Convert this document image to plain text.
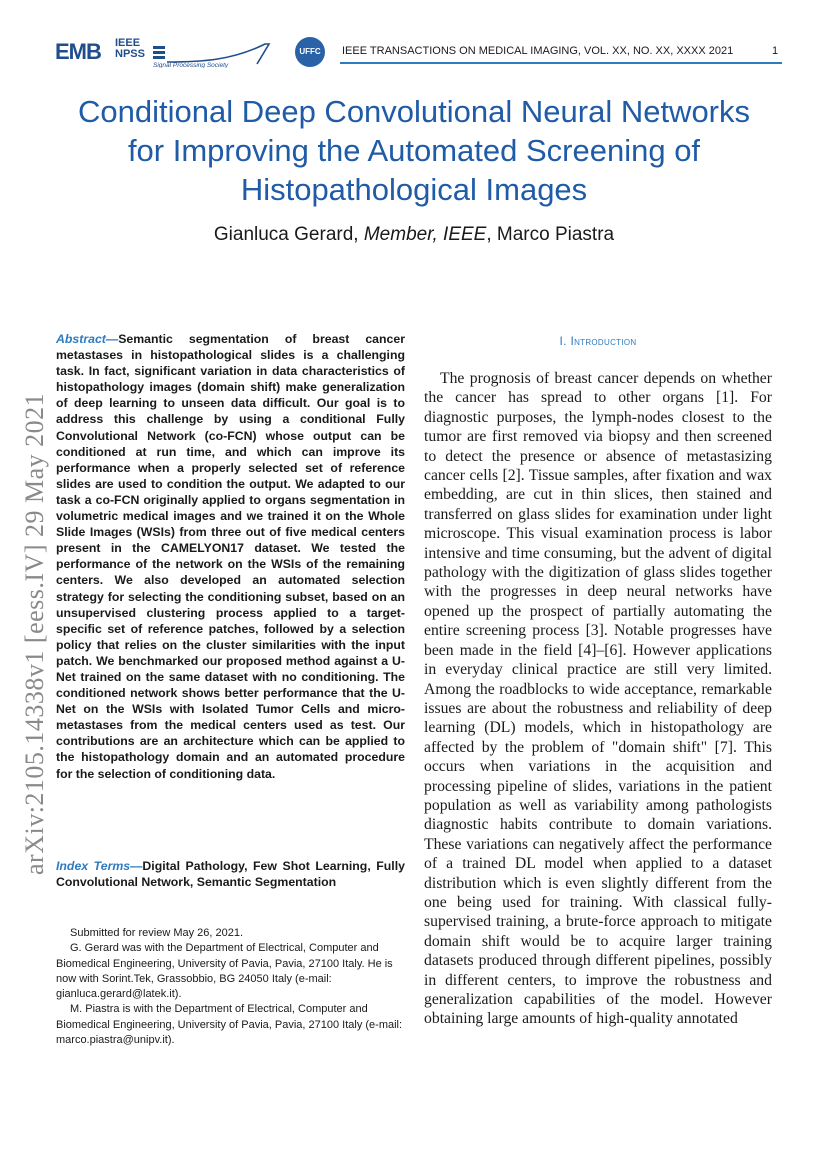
EMB IEEE
NPSS
Signal Processing Society
UFFC	IEEE TRANSACTIONS ON MEDICAL IMAGING, VOL. XX, NO. XX, XXXX 2021	1
Conditional Deep Convolutional Neural Networks for Improving the Automated Screening of Histopathological Images
Gianluca Gerard, Member, IEEE, Marco Piastra
arXiv:2105.14338v1 [eess.IV] 29 May 2021
Abstract—Semantic segmentation of breast cancer metastases in histopathological slides is a challenging task. In fact, significant variation in data characteristics of histopathology images (domain shift) make generalization of deep learning to unseen data difficult. Our goal is to address this challenge by using a conditional Fully Convolutional Network (co-FCN) whose output can be conditioned at run time, and which can improve its performance when a properly selected set of reference slides are used to condition the output. We adapted to our task a co-FCN originally applied to organs segmentation in volumetric medical images and we trained it on the Whole Slide Images (WSIs) from three out of five medical centers present in the CAMELYON17 dataset. We tested the performance of the network on the WSIs of the remaining centers. We also developed an automated selection strategy for selecting the conditioning subset, based on an unsupervised clustering process applied to a target-specific set of reference patches, followed by a selection policy that relies on the cluster similarities with the input patch. We benchmarked our proposed method against a U-Net trained on the same dataset with no conditioning. The conditioned network shows better performance that the U-Net on the WSIs with Isolated Tumor Cells and micro-metastases from the medical centers used as test. Our contributions are an architecture which can be applied to the histopathology domain and an automated procedure for the selection of conditioning data.
Index Terms—Digital Pathology, Few Shot Learning, Fully Convolutional Network, Semantic Segmentation

Submitted for review May 26, 2021.

G. Gerard was with the Department of Electrical, Computer and Biomedical Engineering, University of Pavia, Pavia, 27100 Italy. He is now with Sorint.Tek, Grassobbio, BG 24050 Italy (e-mail: gianluca.gerard@latek.it).

M. Piastra is with the Department of Electrical, Computer and Biomedical Engineering, University of Pavia, Pavia, 27100 Italy (e-mail: marco.piastra@unipv.it).

I. Introduction

The prognosis of breast cancer depends on whether the cancer has spread to other organs [1]. For diagnostic purposes, the lymph-nodes closest to the tumor are first removed via biopsy and then screened to detect the presence or absence of metastasizing cancer cells [2]. Tissue samples, after fixation and wax embedding, are cut in thin slices, then stained and transferred on glass slides for examination under light microscope. This visual examination process is labor intensive and time consuming, but the advent of digital pathology with the digitization of glass slides together with the progresses in deep neural networks have opened up the prospect of partially automating the entire screening process [3]. Notable progresses have been made in the field [4]–[6]. However applications in everyday clinical practice are still very limited. Among the roadblocks to wide acceptance, remarkable issues are about the robustness and reliability of deep learning (DL) models, which in histopathology are affected by the problem of "domain shift" [7]. This occurs when variations in the acquisition and processing pipeline of slides, variations in the patient population as well as variability among pathologists diagnostic habits contribute to domain variations. These variations can negatively affect the performance of a trained DL model when applied to a dataset distribution which is even slightly different from the one being used for training. With classical fully-supervised training, a brute-force approach to mitigate domain shift would be to acquire larger training datasets produced through different pipelines, possibly in different centers, to improve the robustness and generalization capabilities of the model. However obtaining large amounts of high-quality annotated
